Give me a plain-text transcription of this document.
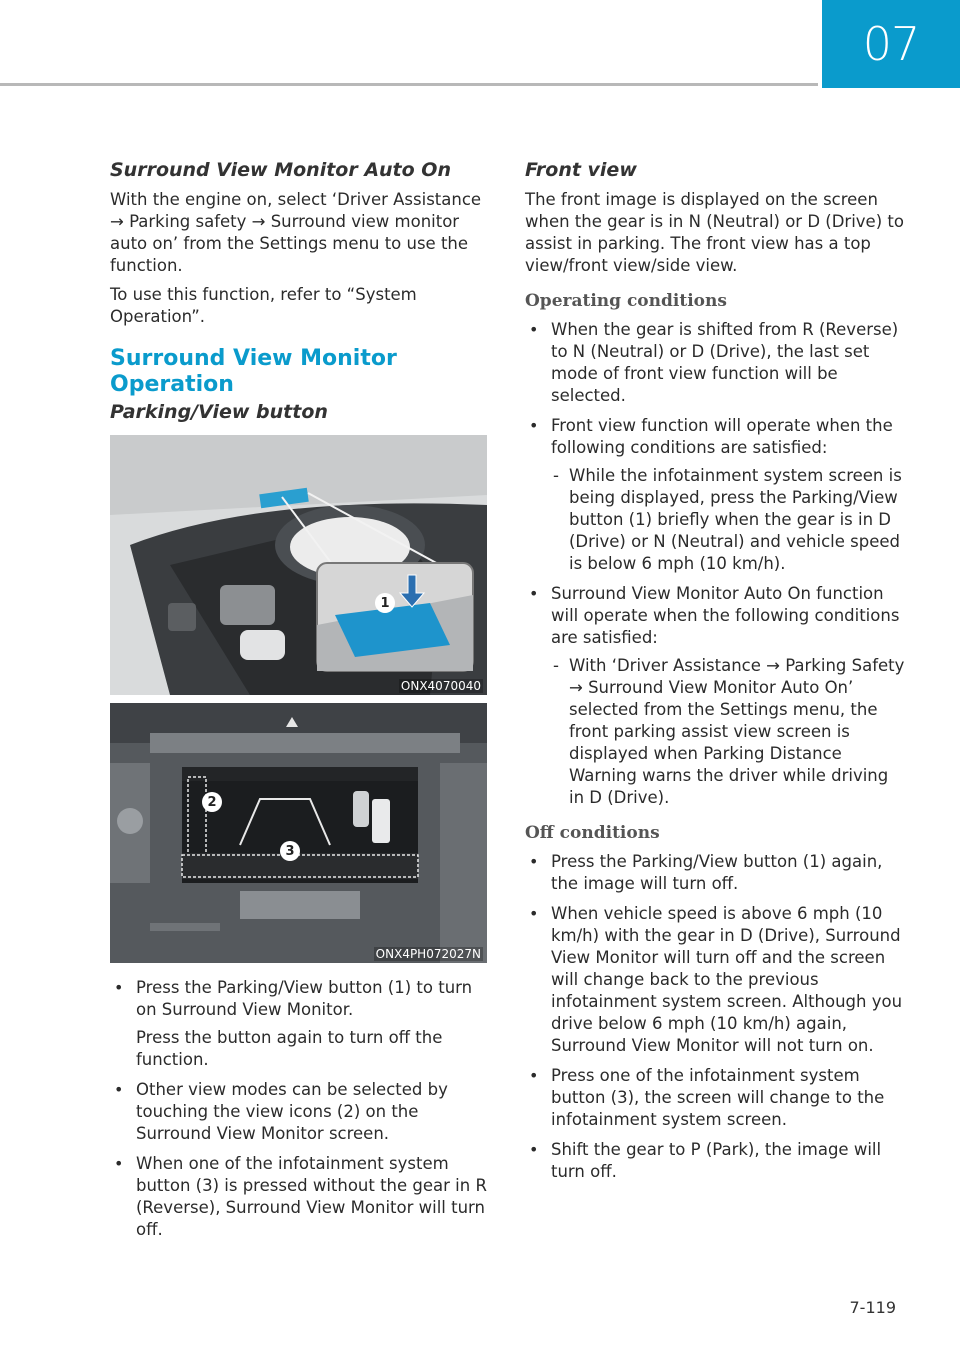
07
Surround View Monitor Auto On

With the engine on, select ‘Driver Assistance → Parking safety → Surround view monitor auto on’ from the Settings menu to use the function.

To use this function, refer to “System Operation”.

Surround View Monitor Operation
Parking/View button
1
ONX4070040
2
3
ONX4PH072027N
• Press the Parking/View button (1) to turn on Surround View Monitor.
Press the button again to turn off the function.
• Other view modes can be selected by touching the view icons (2) on the Surround View Monitor screen.
• When one of the infotainment system button (3) is pressed without the gear in R (Reverse), Surround View Monitor will turn off.
Front view

The front image is displayed on the screen when the gear is in N (Neutral) or D (Drive) to assist in parking. The front view has a top view/front view/side view.

Operating conditions
• When the gear is shifted from R (Reverse) to N (Neutral) or D (Drive), the last set mode of front view function will be selected.
• Front view function will operate when the following conditions are satisfied:
- While the infotainment system screen is being displayed, press the Parking/View button (1) briefly when the gear is in D (Drive) or N (Neutral) and vehicle speed is below 6 mph (10 km/h).
• Surround View Monitor Auto On function will operate when the following conditions are satisfied:
- With ‘Driver Assistance → Parking Safety → Surround View Monitor Auto On’ selected from the Settings menu, the front parking assist view screen is displayed when Parking Distance Warning warns the driver while driving in D (Drive).
Off conditions
• Press the Parking/View button (1) again, the image will turn off.
• When vehicle speed is above 6 mph (10 km/h) with the gear in D (Drive), Surround View Monitor will turn off and the screen will change back to the previous infotainment system screen. Although you drive below 6 mph (10 km/h) again, Surround View Monitor will not turn on.
• Press one of the infotainment system button (3), the screen will change to the infotainment system screen.
• Shift the gear to P (Park), the image will turn off.
7-119
